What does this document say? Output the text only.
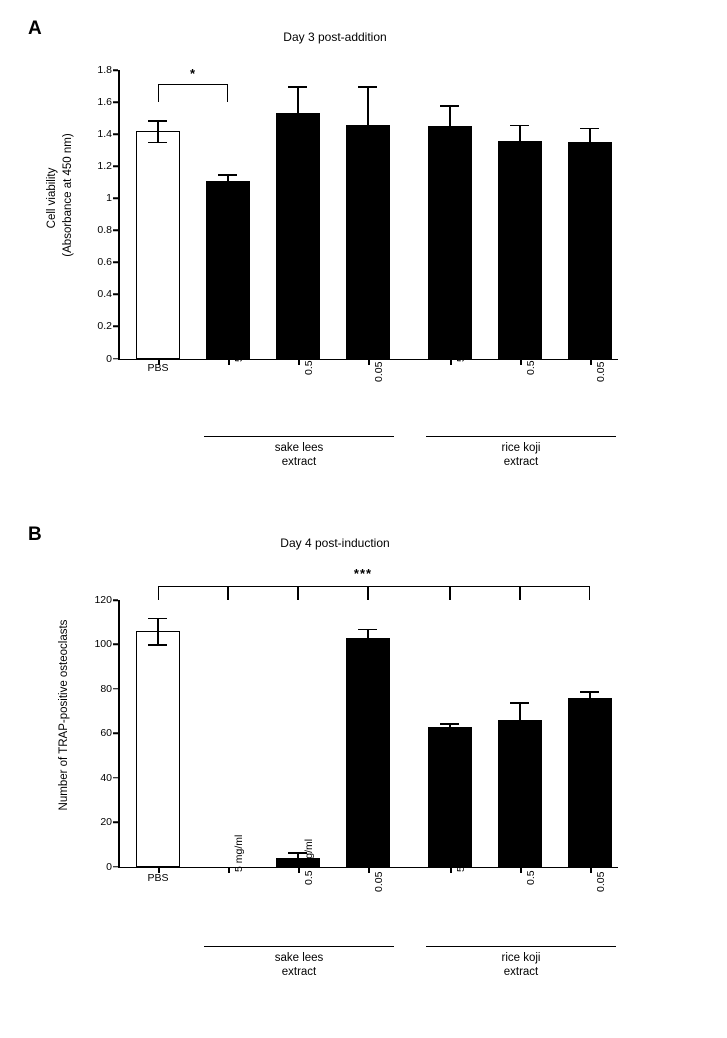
A	Day 3 post-addition
Cell viability (Absorbance at 450 nm)
0
0.2
0.4
0.6
0.8
1
1.2
1.4
1.6
1.8	*
PBS
5 mg/ml	0.5 mg/ml	0.05 mg/ml	5 mg/ml	0.5 mg/ml	0.05 mg/ml
sake lees
extract
rice koji
extract
B	Day 4 post-induction
Number of TRAP-positive osteoclasts
0
20
40
60
80
100
120
***
PBS
5 mg/ml	0.5 mg/ml	0.05 mg/ml	5 mg/ml	0.5 mg/ml	0.05 mg/ml
sake lees
extract
rice koji
extract
